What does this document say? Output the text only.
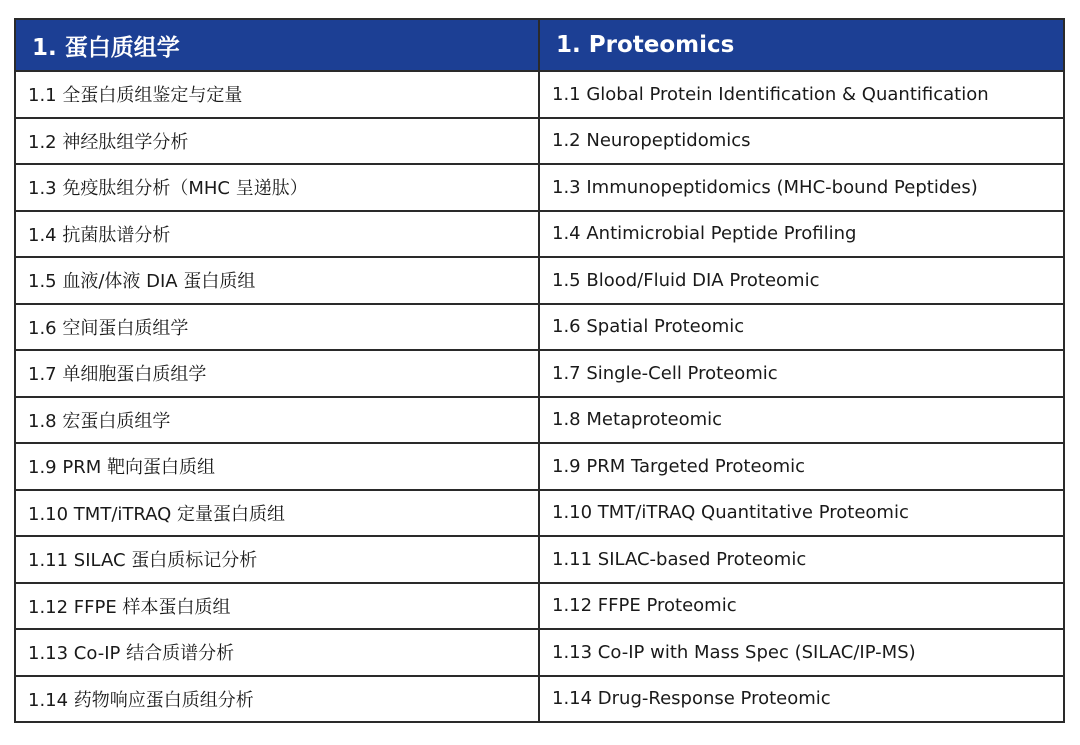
1. 蛋白质组学	1. Proteomics
1.1 全蛋白质组鉴定与定量	1.1 Global Protein Identification & Quantification
1.2 神经肽组学分析	1.2 Neuropeptidomics
1.3 免疫肽组分析（MHC 呈递肽）	1.3 Immunopeptidomics (MHC-bound Peptides)
1.4 抗菌肽谱分析	1.4 Antimicrobial Peptide Profiling
1.5 血液/体液 DIA 蛋白质组	1.5 Blood/Fluid DIA Proteomic
1.6 空间蛋白质组学	1.6 Spatial Proteomic
1.7 单细胞蛋白质组学	1.7 Single-Cell Proteomic
1.8 宏蛋白质组学	1.8 Metaproteomic
1.9 PRM 靶向蛋白质组	1.9 PRM Targeted Proteomic
1.10 TMT/iTRAQ 定量蛋白质组	1.10 TMT/iTRAQ Quantitative Proteomic
1.11 SILAC 蛋白质标记分析	1.11 SILAC-based Proteomic
1.12 FFPE 样本蛋白质组	1.12 FFPE Proteomic
1.13 Co-IP 结合质谱分析	1.13 Co-IP with Mass Spec (SILAC/IP-MS)
1.14 药物响应蛋白质组分析	1.14 Drug-Response Proteomic
